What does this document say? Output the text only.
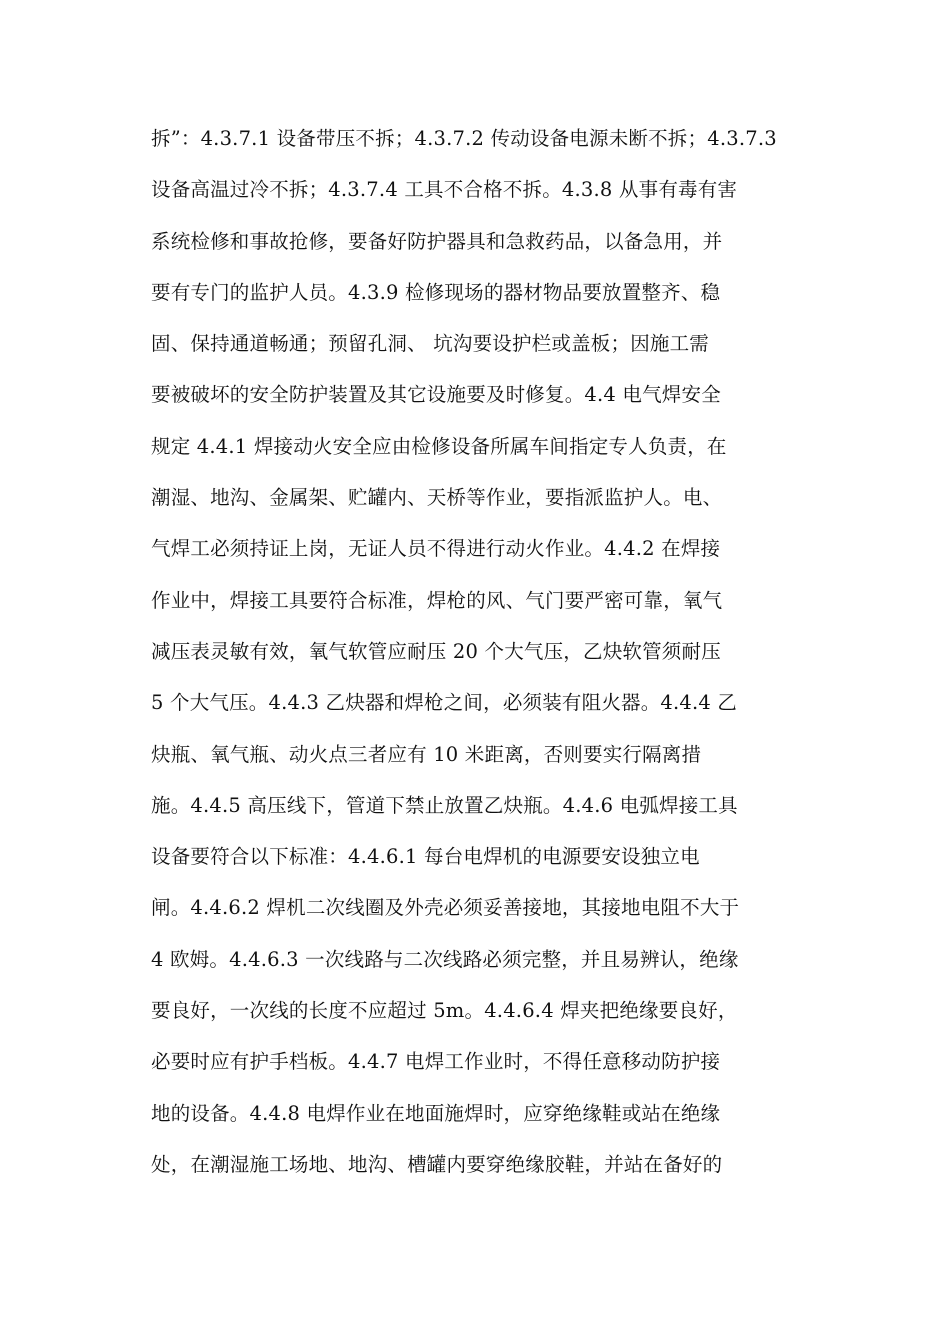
拆”：4.3.7.1 设备带压不拆；4.3.7.2 传动设备电源未断不拆；4.3.7.3
设备高温过冷不拆；4.3.7.4 工具不合格不拆。4.3.8 从事有毒有害
系统检修和事故抢修，要备好防护器具和急救药品，以备急用，并
要有专门的监护人员。4.3.9 检修现场的器材物品要放置整齐、稳
固、保持通道畅通；预留孔洞、 坑沟要设护栏或盖板；因施工需
要被破坏的安全防护装置及其它设施要及时修复。4.4 电气焊安全
规定 4.4.1 焊接动火安全应由检修设备所属车间指定专人负责，在
潮湿、地沟、金属架、贮罐内、天桥等作业，要指派监护人。电、
气焊工必须持证上岗，无证人员不得进行动火作业。4.4.2 在焊接
作业中，焊接工具要符合标准，焊枪的风、气门要严密可靠，氧气
减压表灵敏有效，氧气软管应耐压 20 个大气压，乙炔软管须耐压
5 个大气压。4.4.3 乙炔器和焊枪之间，必须装有阻火器。4.4.4 乙
炔瓶、氧气瓶、动火点三者应有 10 米距离，否则要实行隔离措
施。4.4.5 高压线下，管道下禁止放置乙炔瓶。4.4.6 电弧焊接工具
设备要符合以下标准：4.4.6.1 每台电焊机的电源要安设独立电
闸。4.4.6.2 焊机二次线圈及外壳必须妥善接地，其接地电阻不大于
4 欧姆。4.4.6.3 一次线路与二次线路必须完整，并且易辨认，绝缘
要良好，一次线的长度不应超过 5m。4.4.6.4 焊夹把绝缘要良好，
必要时应有护手档板。4.4.7 电焊工作业时，不得任意移动防护接
地的设备。4.4.8 电焊作业在地面施焊时，应穿绝缘鞋或站在绝缘
处，在潮湿施工场地、地沟、槽罐内要穿绝缘胶鞋，并站在备好的
